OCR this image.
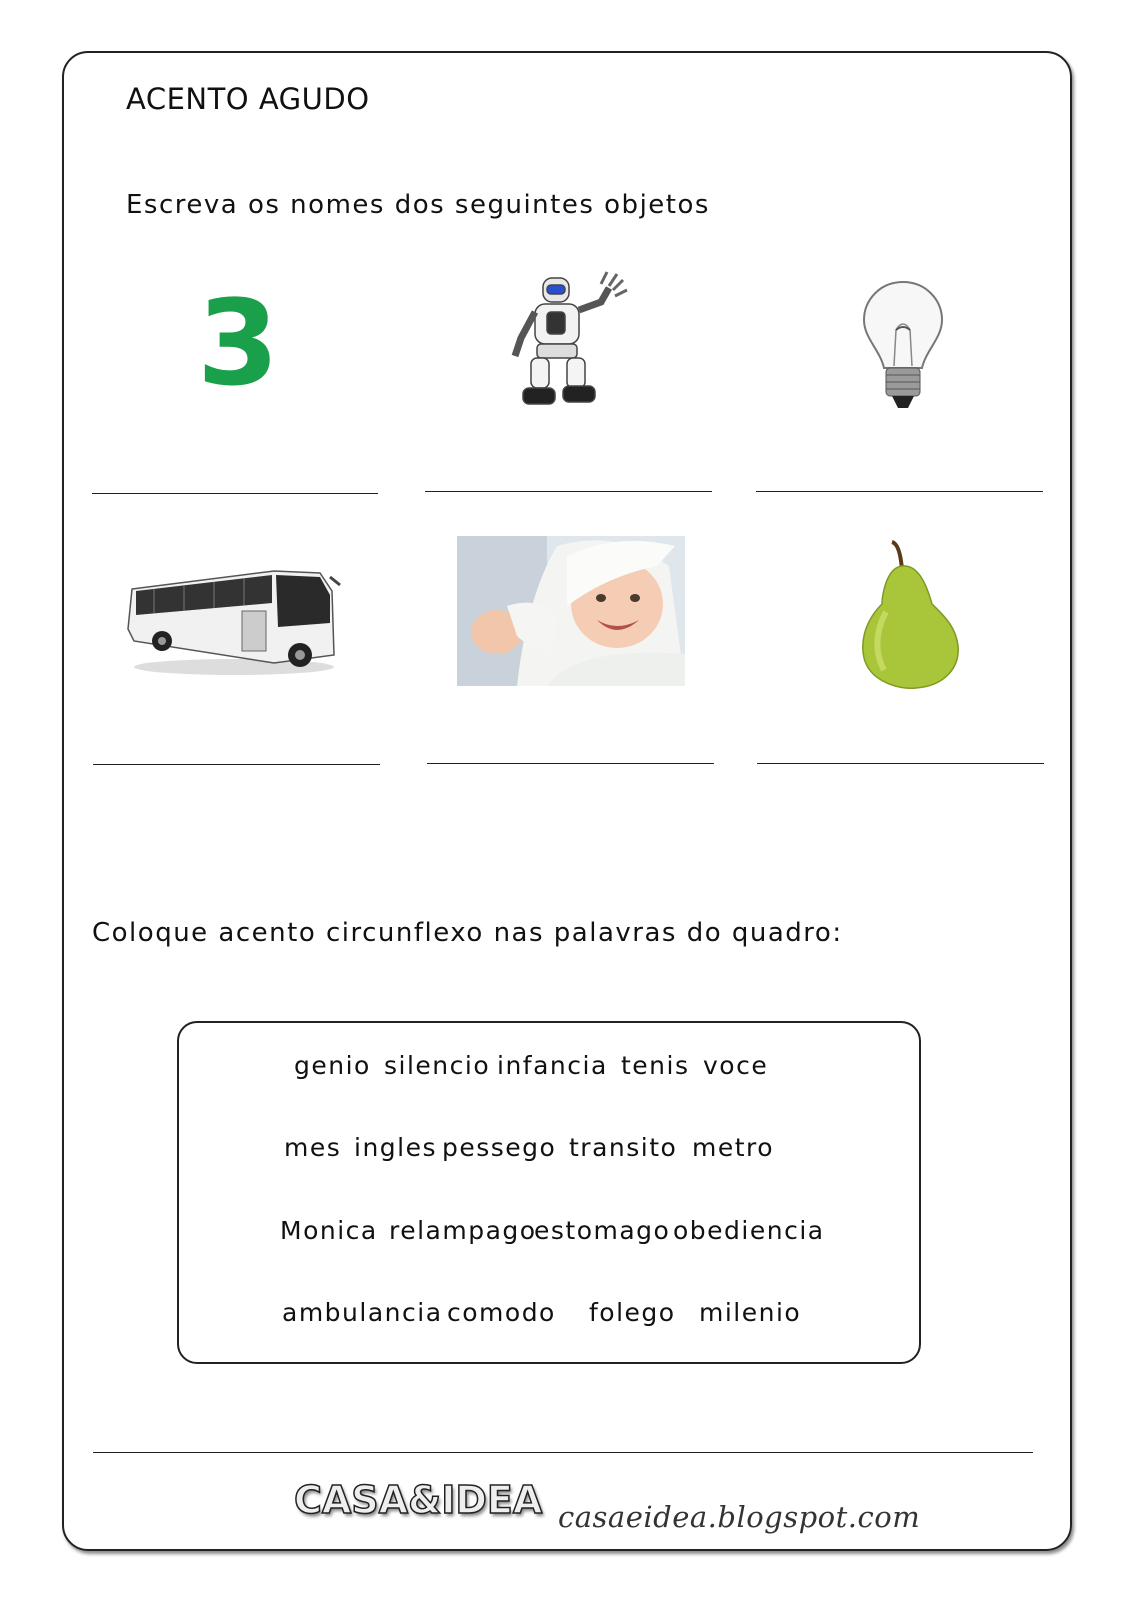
ACENTO AGUDO

Escreva os nomes dos seguintes objetos

3

Coloque acento circunflexo nas palavras do quadro:

genio silencio infancia tenis voce
mes ingles pessego transito metro
Monica relampago
estomago obediencia
ambulancia comodo folego milenio
CASA&IDEA casaeidea.blogspot.com
